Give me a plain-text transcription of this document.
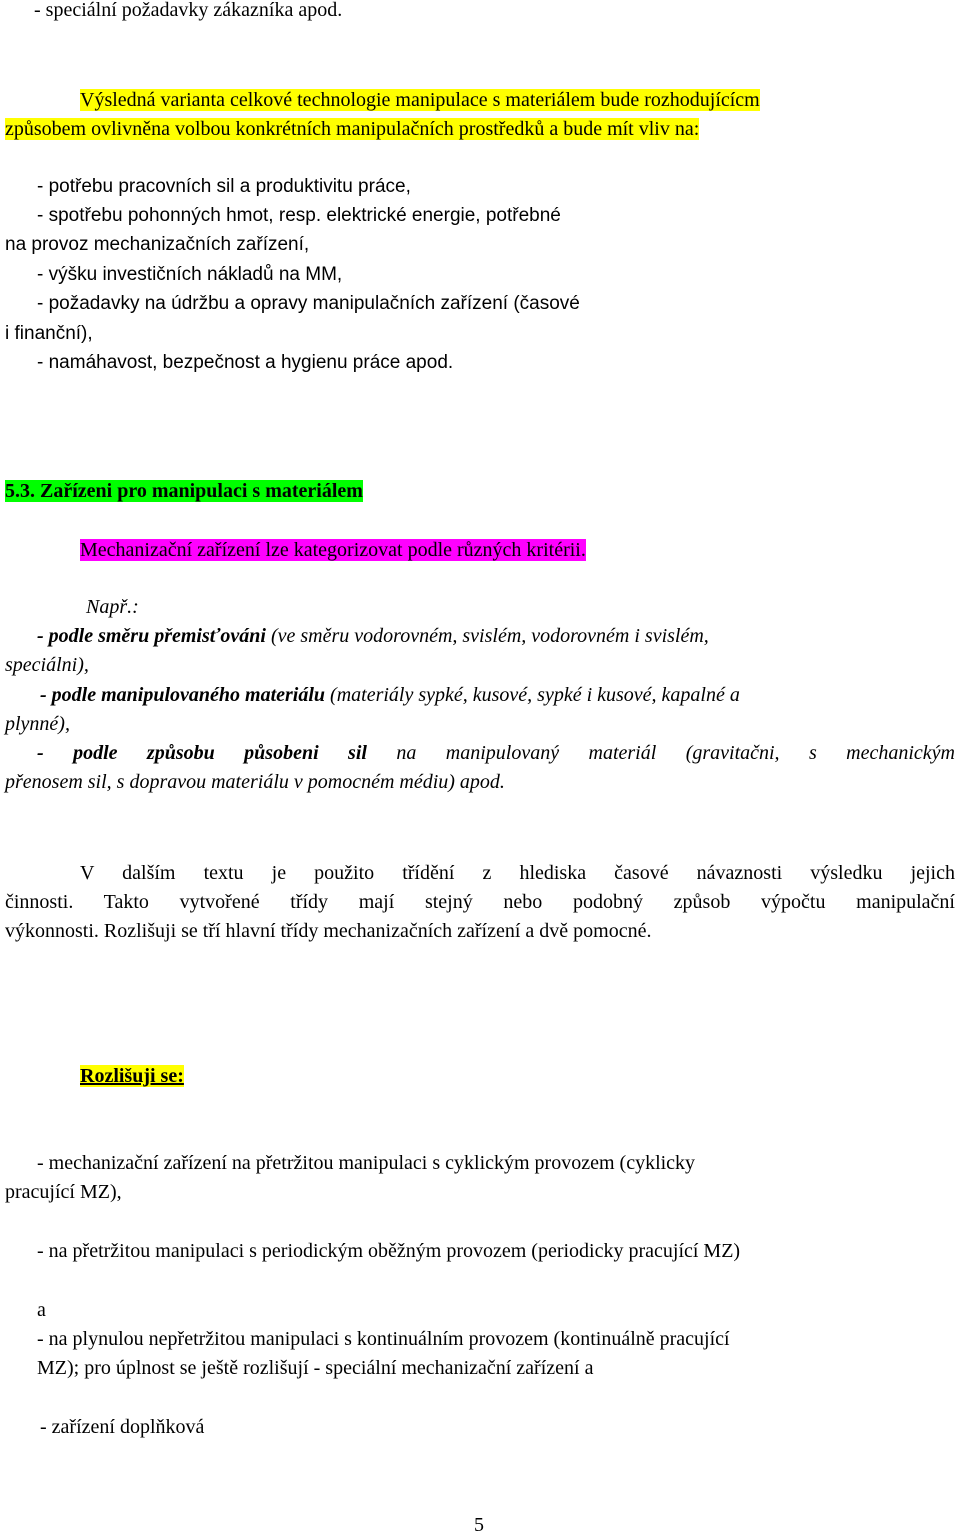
- speciální požadavky zákazníka apod.
Výsledná varianta celkové technologie manipulace s materiálem bude rozhodujícícm
způsobem ovlivněna volbou konkrétních manipulačních prostředků a bude mít vliv na:
- potřebu pracovních sil a produktivitu práce,
- spotřebu pohonných hmot, resp. elektrické energie, potřebné
na provoz mechanizačních zařízení,
- výšku investičních nákladů na MM,
- požadavky na údržbu a opravy manipulačních zařízení (časové
i finanční),
- namáhavost, bezpečnost a hygienu práce apod.
5.3. Zařízeni pro manipulaci s materiálem
Mechanizační zařízení lze kategorizovat podle různých kritérii.
Např.:
- podle směru přemisťováni (ve směru vodorovném, svislém, vodorovném i svislém,
speciálni),
- podle manipulovaného materiálu (materiály sypké, kusové, sypké i kusové, kapalné a
plynné),
- podle způsobu působeni sil na manipulovaný materiál (gravitačni, s mechanickým
přenosem sil, s dopravou materiálu v pomocném médiu) apod.
V dalším textu je použito třídění z hlediska časové návaznosti výsledku jejich
činnosti. Takto vytvořené třídy mají stejný nebo podobný způsob výpočtu manipulační
výkonnosti. Rozlišuji se tří hlavní třídy mechanizačních zařízení a dvě pomocné.
Rozlišuji se:
- mechanizační zařízení na přetržitou manipulaci s cyklickým provozem (cyklicky
pracující MZ),
- na přetržitou manipulaci s periodickým oběžným provozem (periodicky pracující MZ)
a
- na plynulou nepřetržitou manipulaci s kontinuálním provozem (kontinuálně pracující
MZ); pro úplnost se ještě rozlišují - speciální mechanizační zařízení a
- zařízení doplňková
5
